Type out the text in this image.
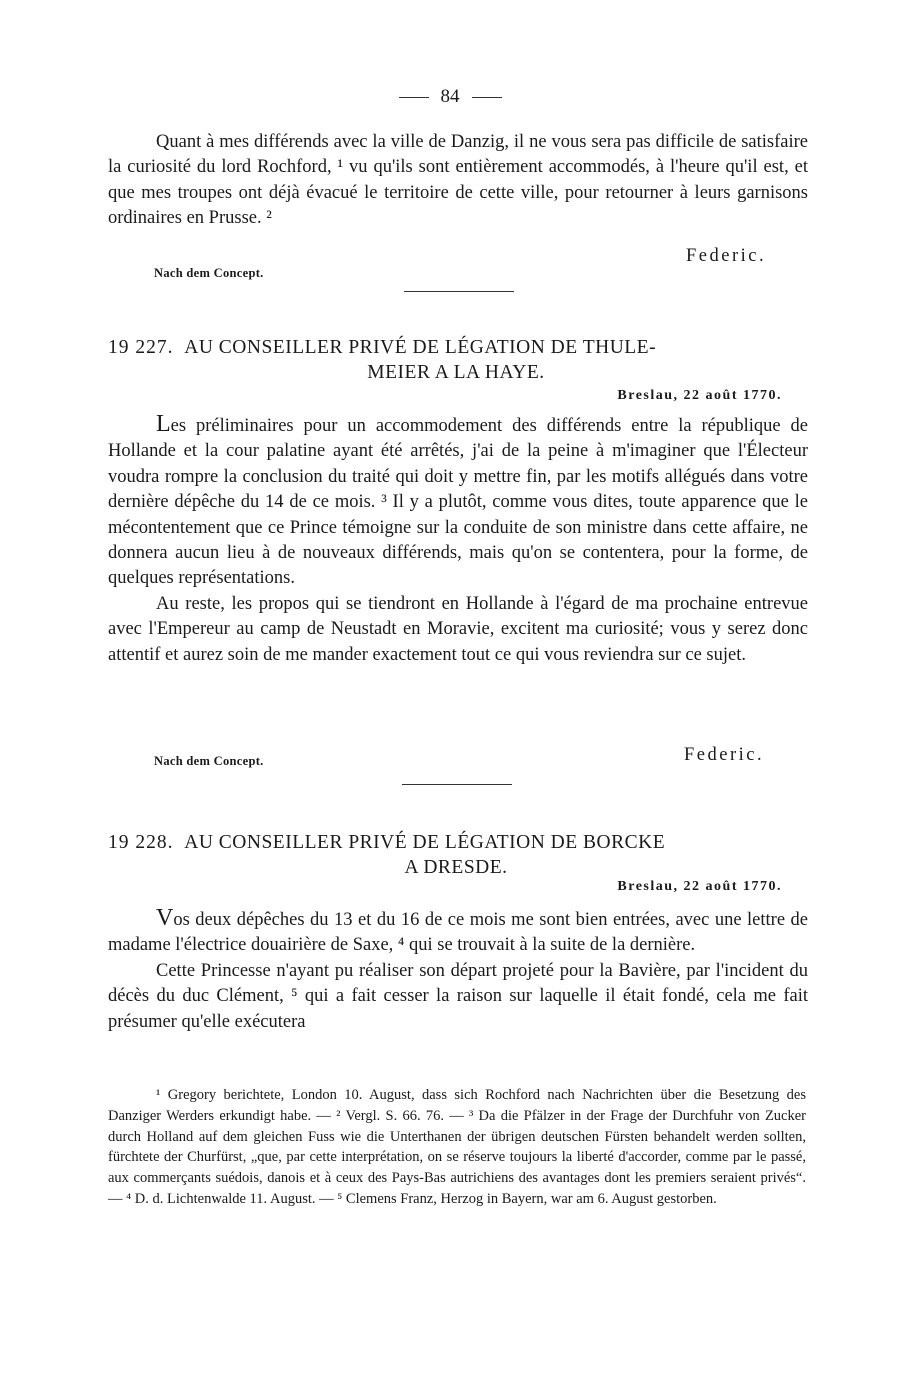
84

Quant à mes différends avec la ville de Danzig, il ne vous sera pas difficile de satisfaire la curiosité du lord Rochford, ¹ vu qu'ils sont entièrement accommodés, à l'heure qu'il est, et que mes troupes ont déjà évacué le territoire de cette ville, pour retourner à leurs garnisons ordinaires en Prusse. ²

Federic.
Nach dem Concept.
19 227. AU CONSEILLER PRIVÉ DE LÉGATION DE THULE-
MEIER A LA HAYE.
Breslau, 22 août 1770.

Les préliminaires pour un accommodement des différends entre la république de Hollande et la cour palatine ayant été arrêtés, j'ai de la peine à m'imaginer que l'Électeur voudra rompre la conclusion du traité qui doit y mettre fin, par les motifs allégués dans votre dernière dépêche du 14 de ce mois. ³ Il y a plutôt, comme vous dites, toute apparence que le mécontentement que ce Prince témoigne sur la conduite de son ministre dans cette affaire, ne donnera aucun lieu à de nouveaux différends, mais qu'on se contentera, pour la forme, de quelques représentations.

Au reste, les propos qui se tiendront en Hollande à l'égard de ma prochaine entrevue avec l'Empereur au camp de Neustadt en Moravie, excitent ma curiosité; vous y serez donc attentif et aurez soin de me mander exactement tout ce qui vous reviendra sur ce sujet.

Nach dem Concept.	Federic.
19 228. AU CONSEILLER PRIVÉ DE LÉGATION DE BORCKE
A DRESDE.
Breslau, 22 août 1770.

Vos deux dépêches du 13 et du 16 de ce mois me sont bien entrées, avec une lettre de madame l'électrice douairière de Saxe, ⁴ qui se trouvait à la suite de la dernière.

Cette Princesse n'ayant pu réaliser son départ projeté pour la Bavière, par l'incident du décès du duc Clément, ⁵ qui a fait cesser la raison sur laquelle il était fondé, cela me fait présumer qu'elle exécutera

¹ Gregory berichtete, London 10. August, dass sich Rochford nach Nachrichten über die Besetzung des Danziger Werders erkundigt habe. — ² Vergl. S. 66. 76. — ³ Da die Pfälzer in der Frage der Durchfuhr von Zucker durch Holland auf dem gleichen Fuss wie die Unterthanen der übrigen deutschen Fürsten behandelt werden sollten, fürchtete der Churfürst, „que, par cette interprétation, on se réserve toujours la liberté d'accorder, comme par le passé, aux commerçants suédois, danois et à ceux des Pays-Bas autrichiens des avantages dont les premiers seraient privés“. — ⁴ D. d. Lichtenwalde 11. August. — ⁵ Clemens Franz, Herzog in Bayern, war am 6. August gestorben.
